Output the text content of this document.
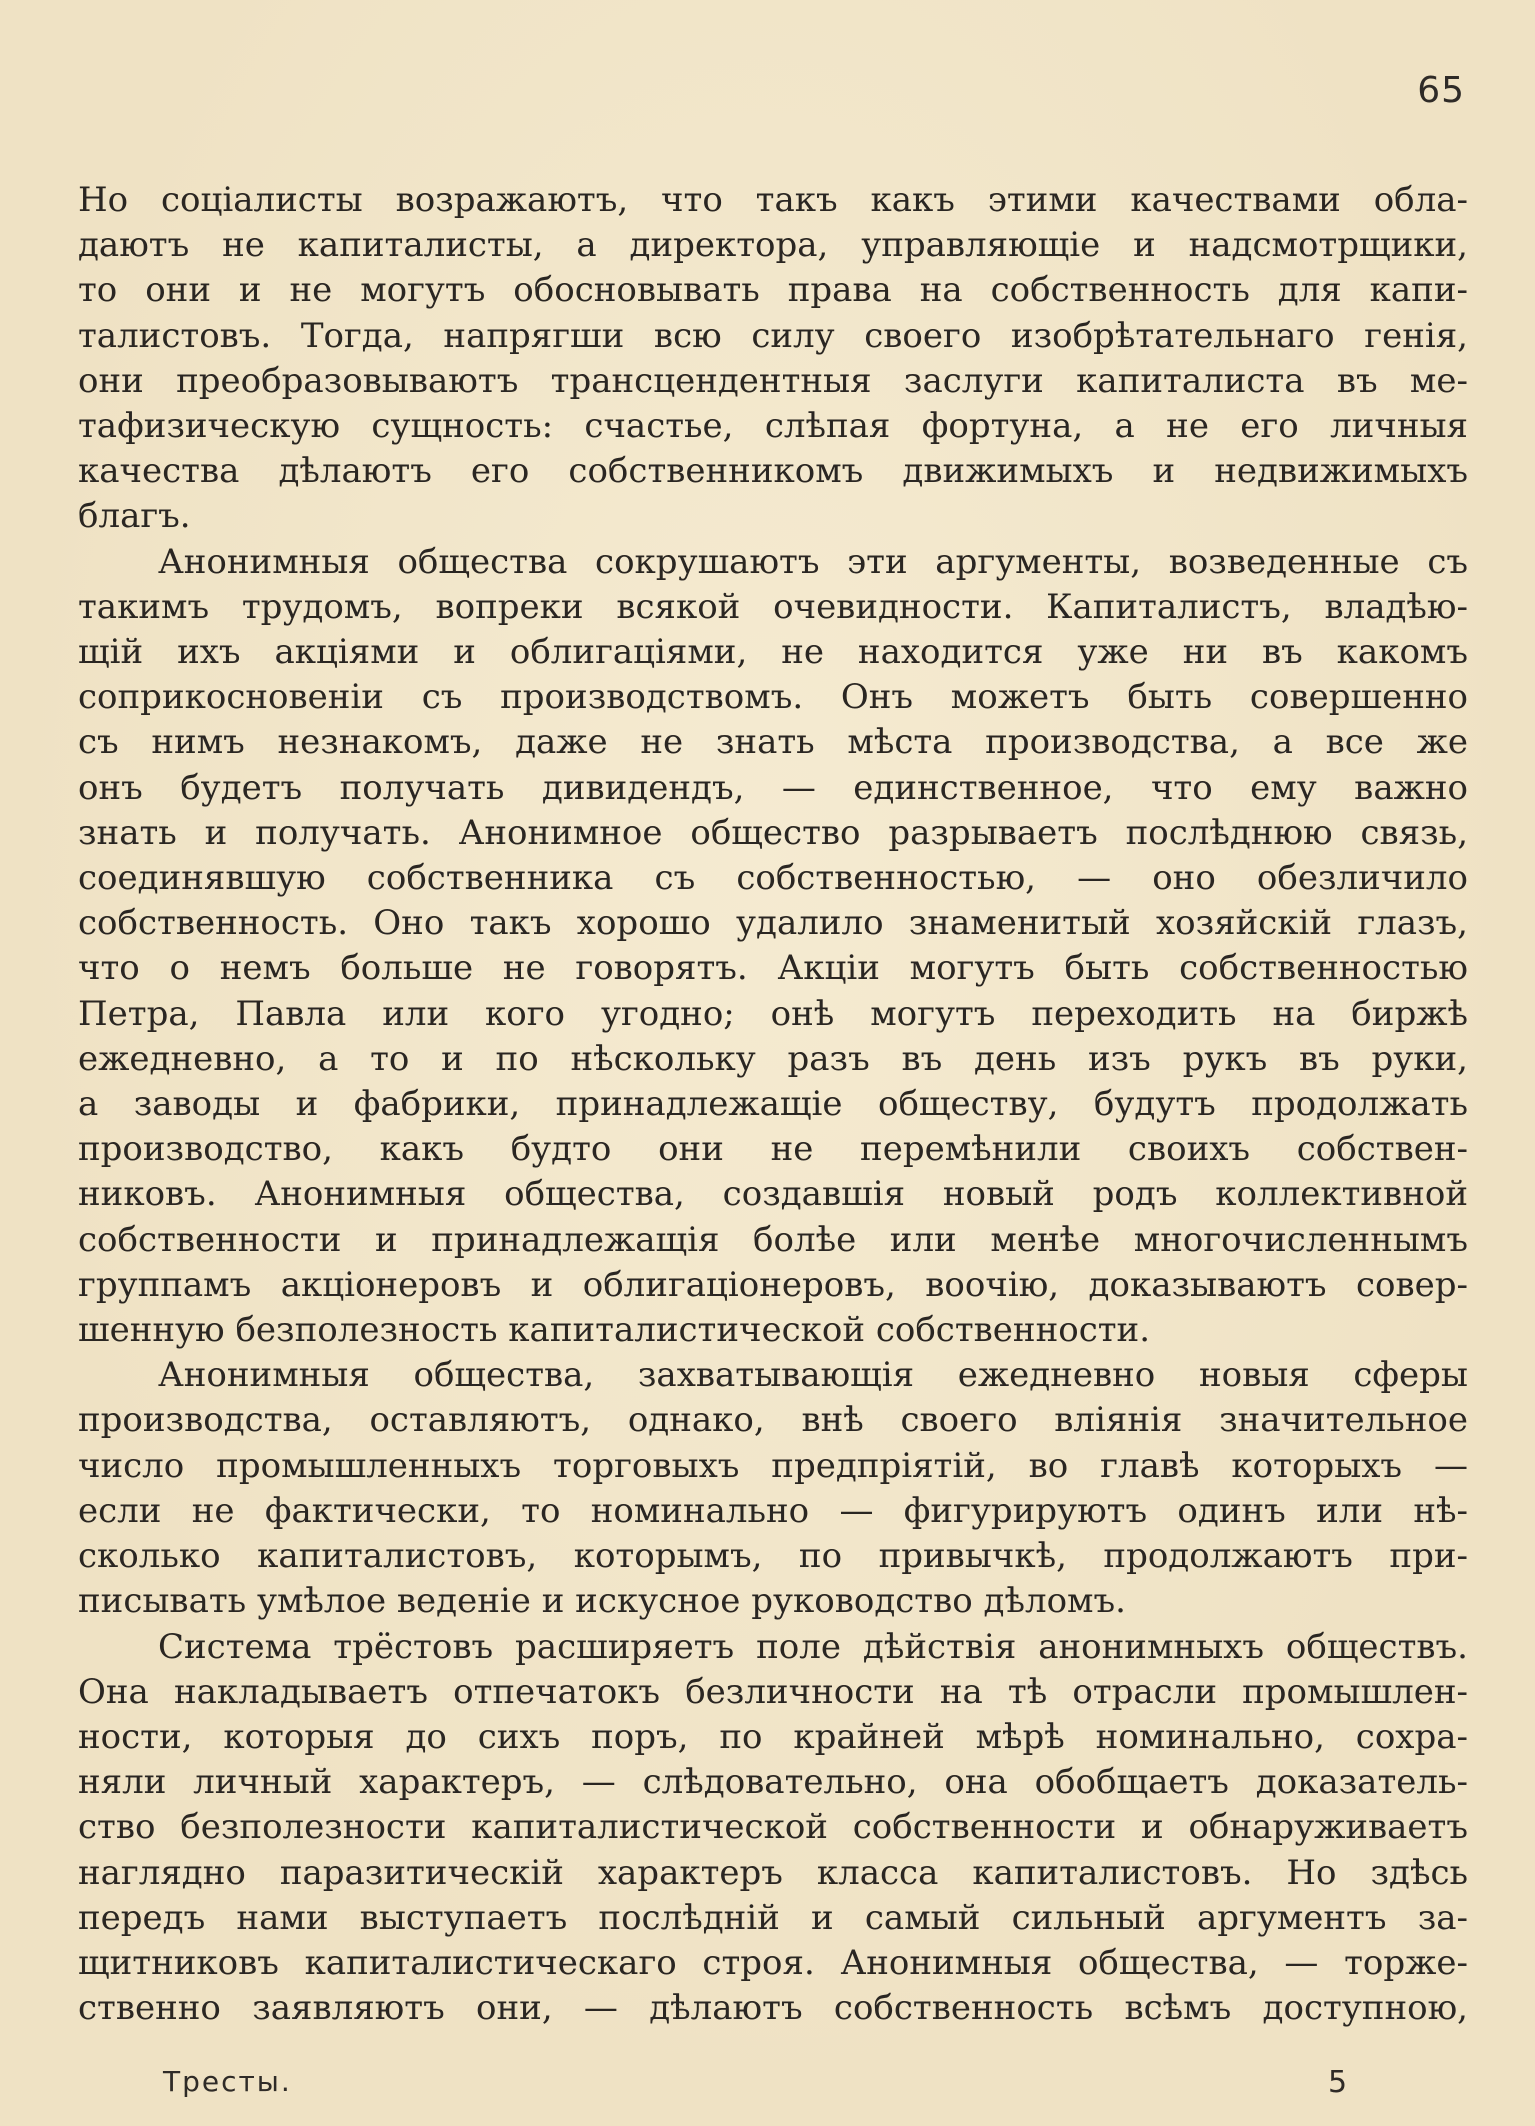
65

Но соціалисты возражаютъ, что такъ какъ этими качествами обла-
даютъ не капиталисты, а директора, управляющіе и надсмотрщики,
то они и не могутъ обосновывать права на собственность для капи-
талистовъ. Тогда, напрягши всю силу своего изобрѣтательнаго генія,
они преобразовываютъ трансцендентныя заслуги капиталиста въ ме-
тафизическую сущность: счастье, слѣпая фортуна, а не его личныя
качества дѣлаютъ его собственникомъ движимыхъ и недвижимыхъ
благъ.

Анонимныя общества сокрушаютъ эти аргументы, возведенные съ
такимъ трудомъ, вопреки всякой очевидности. Капиталистъ, владѣю-
щій ихъ акціями и облигаціями, не находится уже ни въ какомъ
соприкосновеніи съ производствомъ. Онъ можетъ быть совершенно
съ нимъ незнакомъ, даже не знать мѣста производства, а все же
онъ будетъ получать дивидендъ, — единственное, что ему важно
знать и получать. Анонимное общество разрываетъ послѣднюю связь,
соединявшую собственника съ собственностью, — оно обезличило
собственность. Оно такъ хорошо удалило знаменитый хозяйскій глазъ,
что о немъ больше не говорятъ. Акціи могутъ быть собственностью
Петра, Павла или кого угодно; онѣ могутъ переходить на биржѣ
ежедневно, а то и по нѣскольку разъ въ день изъ рукъ въ руки,
а заводы и фабрики, принадлежащіе обществу, будутъ продолжать
производство, какъ будто они не перемѣнили своихъ собствен-
никовъ. Анонимныя общества, создавшія новый родъ коллективной
собственности и принадлежащія болѣе или менѣе многочисленнымъ
группамъ акціонеровъ и облигаціонеровъ, воочію, доказываютъ совер-
шенную безполезность капиталистической собственности.

Анонимныя общества, захватывающія ежедневно новыя сферы
производства, оставляютъ, однако, внѣ своего вліянія значительное
число промышленныхъ торговыхъ предпріятій, во главѣ которыхъ —
если не фактически, то номинально — фигурируютъ одинъ или нѣ-
сколько капиталистовъ, которымъ, по привычкѣ, продолжаютъ при-
писывать умѣлое веденіе и искусное руководство дѣломъ.

Система трёстовъ расширяетъ поле дѣйствія анонимныхъ обществъ.
Она накладываетъ отпечатокъ безличности на тѣ отрасли промышлен-
ности, которыя до сихъ поръ, по крайней мѣрѣ номинально, сохра-
няли личный характеръ, — слѣдовательно, она обобщаетъ доказатель-
ство безполезности капиталистической собственности и обнаруживаетъ
наглядно паразитическій характеръ класса капиталистовъ. Но здѣсь
передъ нами выступаетъ послѣдній и самый сильный аргументъ за-
щитниковъ капиталистическаго строя. Анонимныя общества, — торже-
ственно заявляютъ они, — дѣлаютъ собственность всѣмъ доступною,

Тресты.	5
